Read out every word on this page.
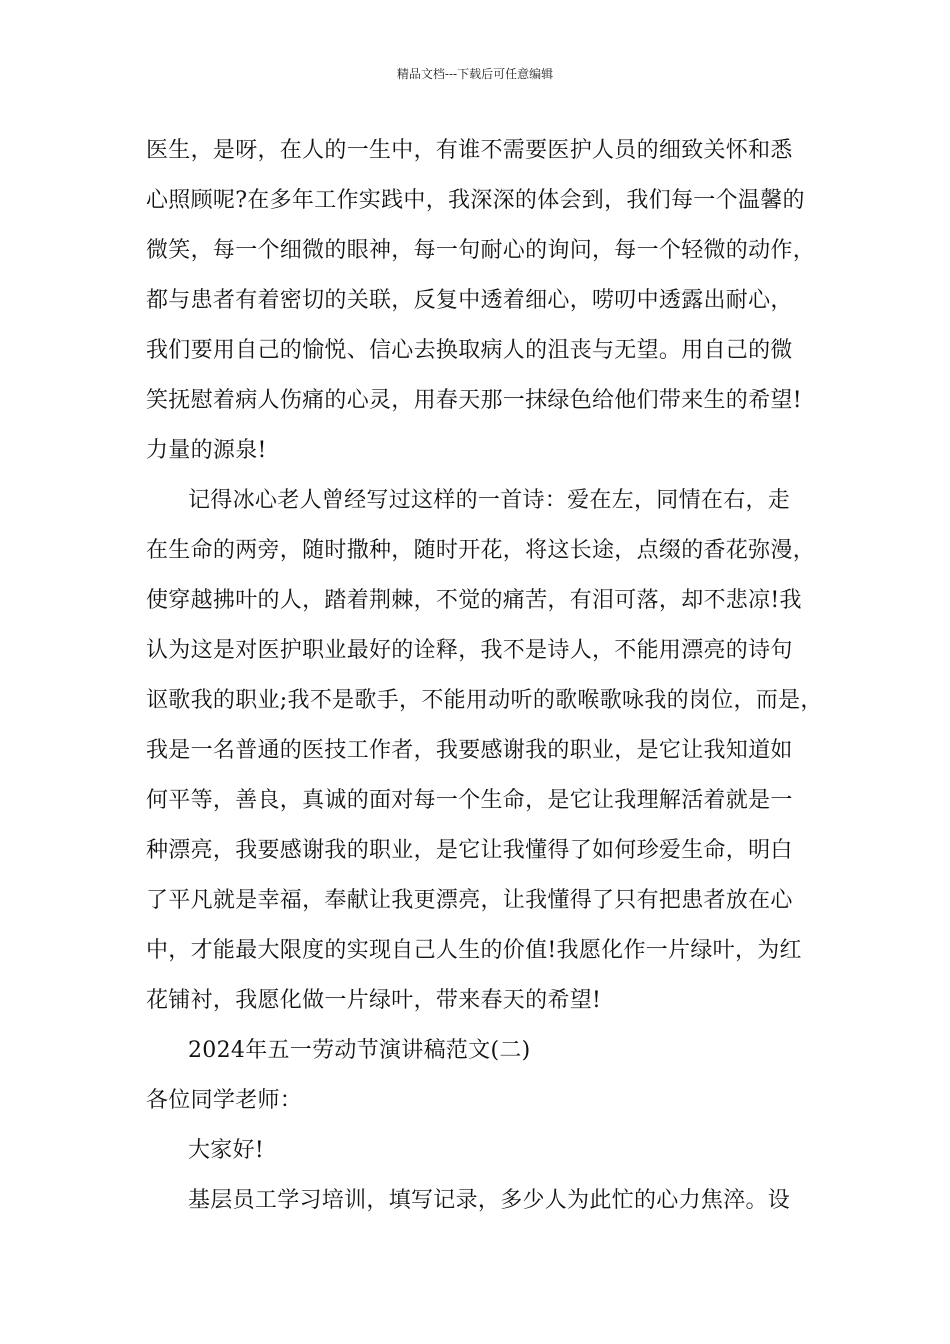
精品文档---下载后可任意编辑
医生，是呀，在人的一生中，有谁不需要医护人员的细致关怀和悉
心照顾呢?在多年工作实践中，我深深的体会到，我们每一个温馨的
微笑，每一个细微的眼神，每一句耐心的询问，每一个轻微的动作，
都与患者有着密切的关联，反复中透着细心，唠叨中透露出耐心，
我们要用自己的愉悦、信心去换取病人的沮丧与无望。用自己的微
笑抚慰着病人伤痛的心灵，用春天那一抹绿色给他们带来生的希望!
力量的源泉!
记得冰心老人曾经写过这样的一首诗：爱在左，同情在右，走
在生命的两旁，随时撒种，随时开花，将这长途，点缀的香花弥漫，
使穿越拂叶的人，踏着荆棘，不觉的痛苦，有泪可落，却不悲凉!我
认为这是对医护职业最好的诠释，我不是诗人，不能用漂亮的诗句
讴歌我的职业;我不是歌手，不能用动听的歌喉歌咏我的岗位，而是，
我是一名普通的医技工作者，我要感谢我的职业，是它让我知道如
何平等，善良，真诚的面对每一个生命，是它让我理解活着就是一
种漂亮，我要感谢我的职业，是它让我懂得了如何珍爱生命，明白
了平凡就是幸福，奉献让我更漂亮，让我懂得了只有把患者放在心
中，才能最大限度的实现自己人生的价值!我愿化作一片绿叶，为红
花铺衬，我愿化做一片绿叶，带来春天的希望!
2024年五一劳动节演讲稿范文(二)
各位同学老师：
大家好!
基层员工学习培训，填写记录，多少人为此忙的心力焦淬。设
